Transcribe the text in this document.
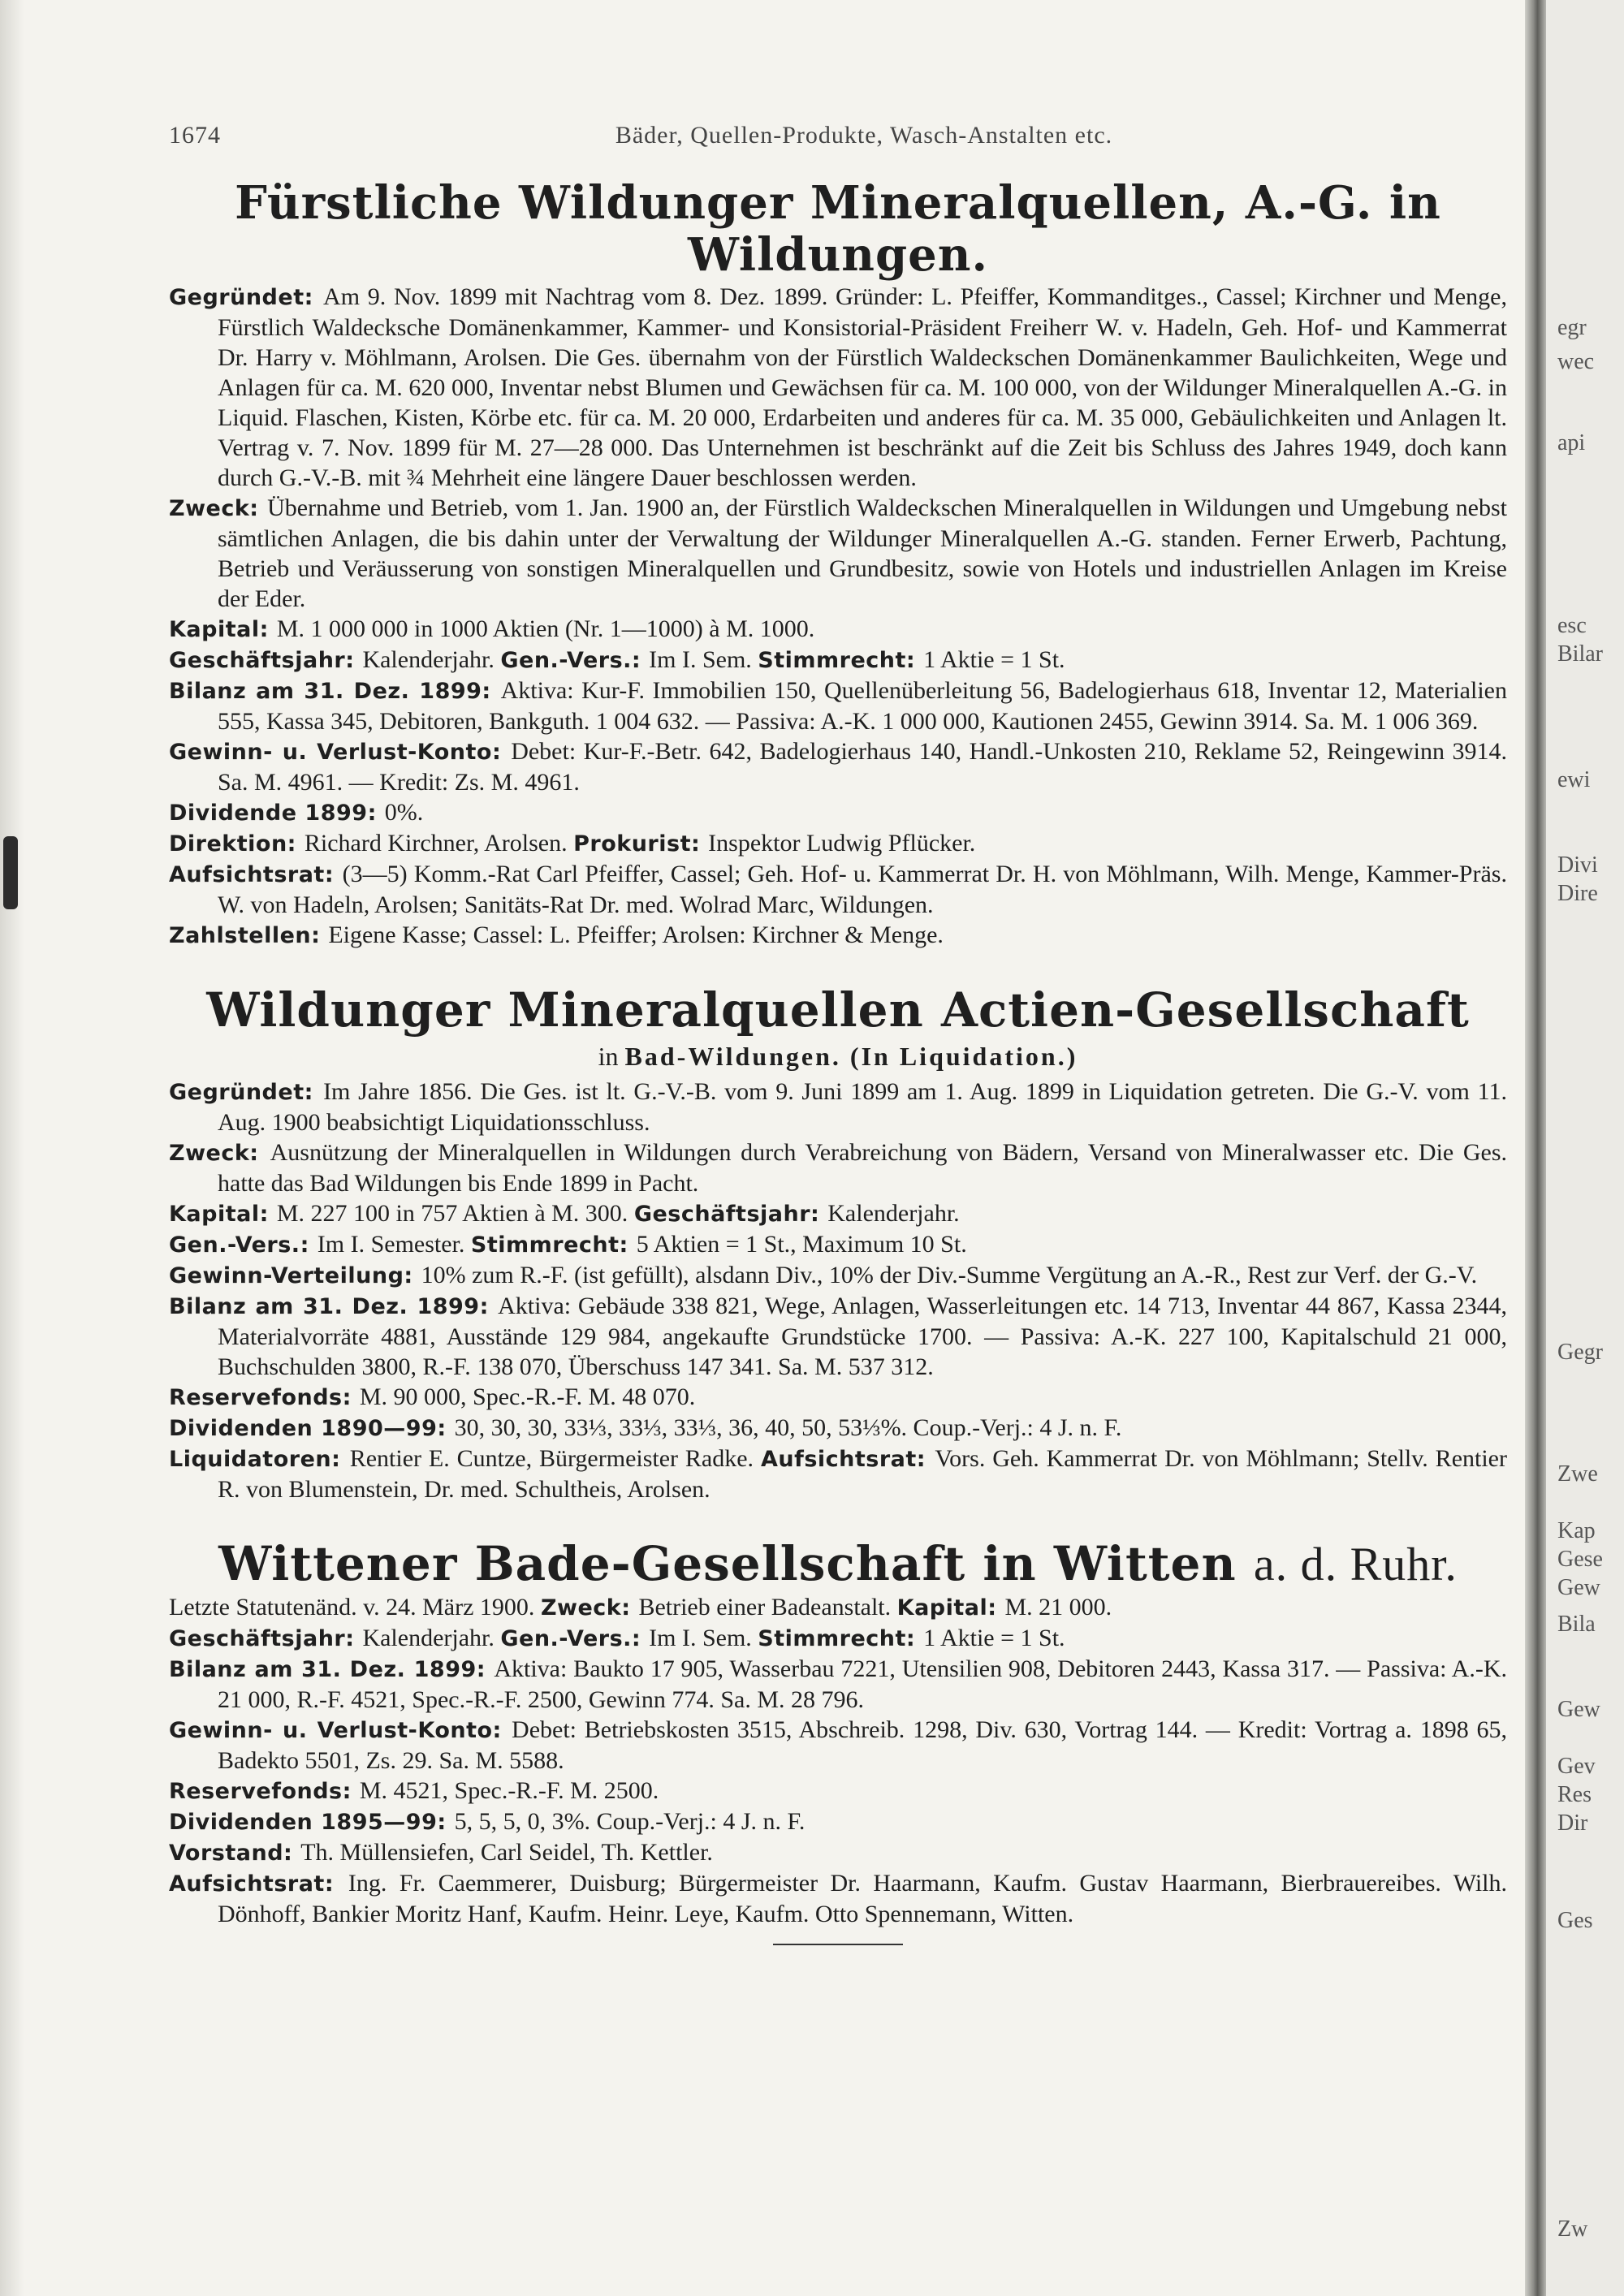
egr
wec
api
esc
Bilar
ewi
Divi
Dire
Gegr
Zwe
Kap
Gese
Gew
Bila
Gew
Gev
Res
Dir
Ges
Zw
1674	Bäder, Quellen-Produkte, Wasch-Anstalten etc.
Fürstliche Wildunger Mineralquellen, A.-G. in Wildungen.

Gegründet: Am 9. Nov. 1899 mit Nachtrag vom 8. Dez. 1899. Gründer: L. Pfeiffer, Kommanditges., Cassel; Kirchner und Menge, Fürstlich Waldecksche Domänenkammer, Kammer- und Konsistorial-Präsident Freiherr W. v. Hadeln, Geh. Hof- und Kammerrat Dr. Harry v. Möhlmann, Arolsen. Die Ges. übernahm von der Fürstlich Waldeckschen Domänenkammer Baulichkeiten, Wege und Anlagen für ca. M. 620 000, Inventar nebst Blumen und Gewächsen für ca. M. 100 000, von der Wildunger Mineralquellen A.-G. in Liquid. Flaschen, Kisten, Körbe etc. für ca. M. 20 000, Erdarbeiten und anderes für ca. M. 35 000, Gebäulichkeiten und Anlagen lt. Vertrag v. 7. Nov. 1899 für M. 27—28 000. Das Unternehmen ist beschränkt auf die Zeit bis Schluss des Jahres 1949, doch kann durch G.-V.-B. mit ¾ Mehrheit eine längere Dauer beschlossen werden.

Zweck: Übernahme und Betrieb, vom 1. Jan. 1900 an, der Fürstlich Waldeckschen Mineralquellen in Wildungen und Umgebung nebst sämtlichen Anlagen, die bis dahin unter der Verwaltung der Wildunger Mineralquellen A.-G. standen. Ferner Erwerb, Pachtung, Betrieb und Veräusserung von sonstigen Mineralquellen und Grundbesitz, sowie von Hotels und industriellen Anlagen im Kreise der Eder.

Kapital: M. 1 000 000 in 1000 Aktien (Nr. 1—1000) à M. 1000.

Geschäftsjahr: Kalenderjahr. Gen.-Vers.: Im I. Sem. Stimmrecht: 1 Aktie = 1 St.

Bilanz am 31. Dez. 1899: Aktiva: Kur-F. Immobilien 150, Quellenüberleitung 56, Badelogierhaus 618, Inventar 12, Materialien 555, Kassa 345, Debitoren, Bankguth. 1 004 632. — Passiva: A.-K. 1 000 000, Kautionen 2455, Gewinn 3914. Sa. M. 1 006 369.

Gewinn- u. Verlust-Konto: Debet: Kur-F.-Betr. 642, Badelogierhaus 140, Handl.-Unkosten 210, Reklame 52, Reingewinn 3914. Sa. M. 4961. — Kredit: Zs. M. 4961.

Dividende 1899: 0%.

Direktion: Richard Kirchner, Arolsen. Prokurist: Inspektor Ludwig Pflücker.

Aufsichtsrat: (3—5) Komm.-Rat Carl Pfeiffer, Cassel; Geh. Hof- u. Kammerrat Dr. H. von Möhlmann, Wilh. Menge, Kammer-Präs. W. von Hadeln, Arolsen; Sanitäts-Rat Dr. med. Wolrad Marc, Wildungen.

Zahlstellen: Eigene Kasse; Cassel: L. Pfeiffer; Arolsen: Kirchner & Menge.

Wildunger Mineralquellen Actien-Gesellschaft
in Bad-Wildungen. (In Liquidation.)

Gegründet: Im Jahre 1856. Die Ges. ist lt. G.-V.-B. vom 9. Juni 1899 am 1. Aug. 1899 in Liquidation getreten. Die G.-V. vom 11. Aug. 1900 beabsichtigt Liquidationsschluss.

Zweck: Ausnützung der Mineralquellen in Wildungen durch Verabreichung von Bädern, Versand von Mineralwasser etc. Die Ges. hatte das Bad Wildungen bis Ende 1899 in Pacht.

Kapital: M. 227 100 in 757 Aktien à M. 300. Geschäftsjahr: Kalenderjahr.

Gen.-Vers.: Im I. Semester. Stimmrecht: 5 Aktien = 1 St., Maximum 10 St.

Gewinn-Verteilung: 10% zum R.-F. (ist gefüllt), alsdann Div., 10% der Div.-Summe Vergütung an A.-R., Rest zur Verf. der G.-V.

Bilanz am 31. Dez. 1899: Aktiva: Gebäude 338 821, Wege, Anlagen, Wasserleitungen etc. 14 713, Inventar 44 867, Kassa 2344, Materialvorräte 4881, Ausstände 129 984, angekaufte Grundstücke 1700. — Passiva: A.-K. 227 100, Kapitalschuld 21 000, Buchschulden 3800, R.-F. 138 070, Überschuss 147 341. Sa. M. 537 312.

Reservefonds: M. 90 000, Spec.-R.-F. M. 48 070.

Dividenden 1890—99: 30, 30, 30, 33⅓, 33⅓, 33⅓, 36, 40, 50, 53⅓%. Coup.-Verj.: 4 J. n. F.

Liquidatoren: Rentier E. Cuntze, Bürgermeister Radke. Aufsichtsrat: Vors. Geh. Kammerrat Dr. von Möhlmann; Stellv. Rentier R. von Blumenstein, Dr. med. Schultheis, Arolsen.

Wittener Bade-Gesellschaft in Witten a. d. Ruhr.

Letzte Statutenänd. v. 24. März 1900. Zweck: Betrieb einer Badeanstalt. Kapital: M. 21 000.

Geschäftsjahr: Kalenderjahr. Gen.-Vers.: Im I. Sem. Stimmrecht: 1 Aktie = 1 St.

Bilanz am 31. Dez. 1899: Aktiva: Baukto 17 905, Wasserbau 7221, Utensilien 908, Debitoren 2443, Kassa 317. — Passiva: A.-K. 21 000, R.-F. 4521, Spec.-R.-F. 2500, Gewinn 774. Sa. M. 28 796.

Gewinn- u. Verlust-Konto: Debet: Betriebskosten 3515, Abschreib. 1298, Div. 630, Vortrag 144. — Kredit: Vortrag a. 1898 65, Badekto 5501, Zs. 29. Sa. M. 5588.

Reservefonds: M. 4521, Spec.-R.-F. M. 2500.

Dividenden 1895—99: 5, 5, 5, 0, 3%. Coup.-Verj.: 4 J. n. F.

Vorstand: Th. Müllensiefen, Carl Seidel, Th. Kettler.

Aufsichtsrat: Ing. Fr. Caemmerer, Duisburg; Bürgermeister Dr. Haarmann, Kaufm. Gustav Haarmann, Bierbrauereibes. Wilh. Dönhoff, Bankier Moritz Hanf, Kaufm. Heinr. Leye, Kaufm. Otto Spennemann, Witten.
